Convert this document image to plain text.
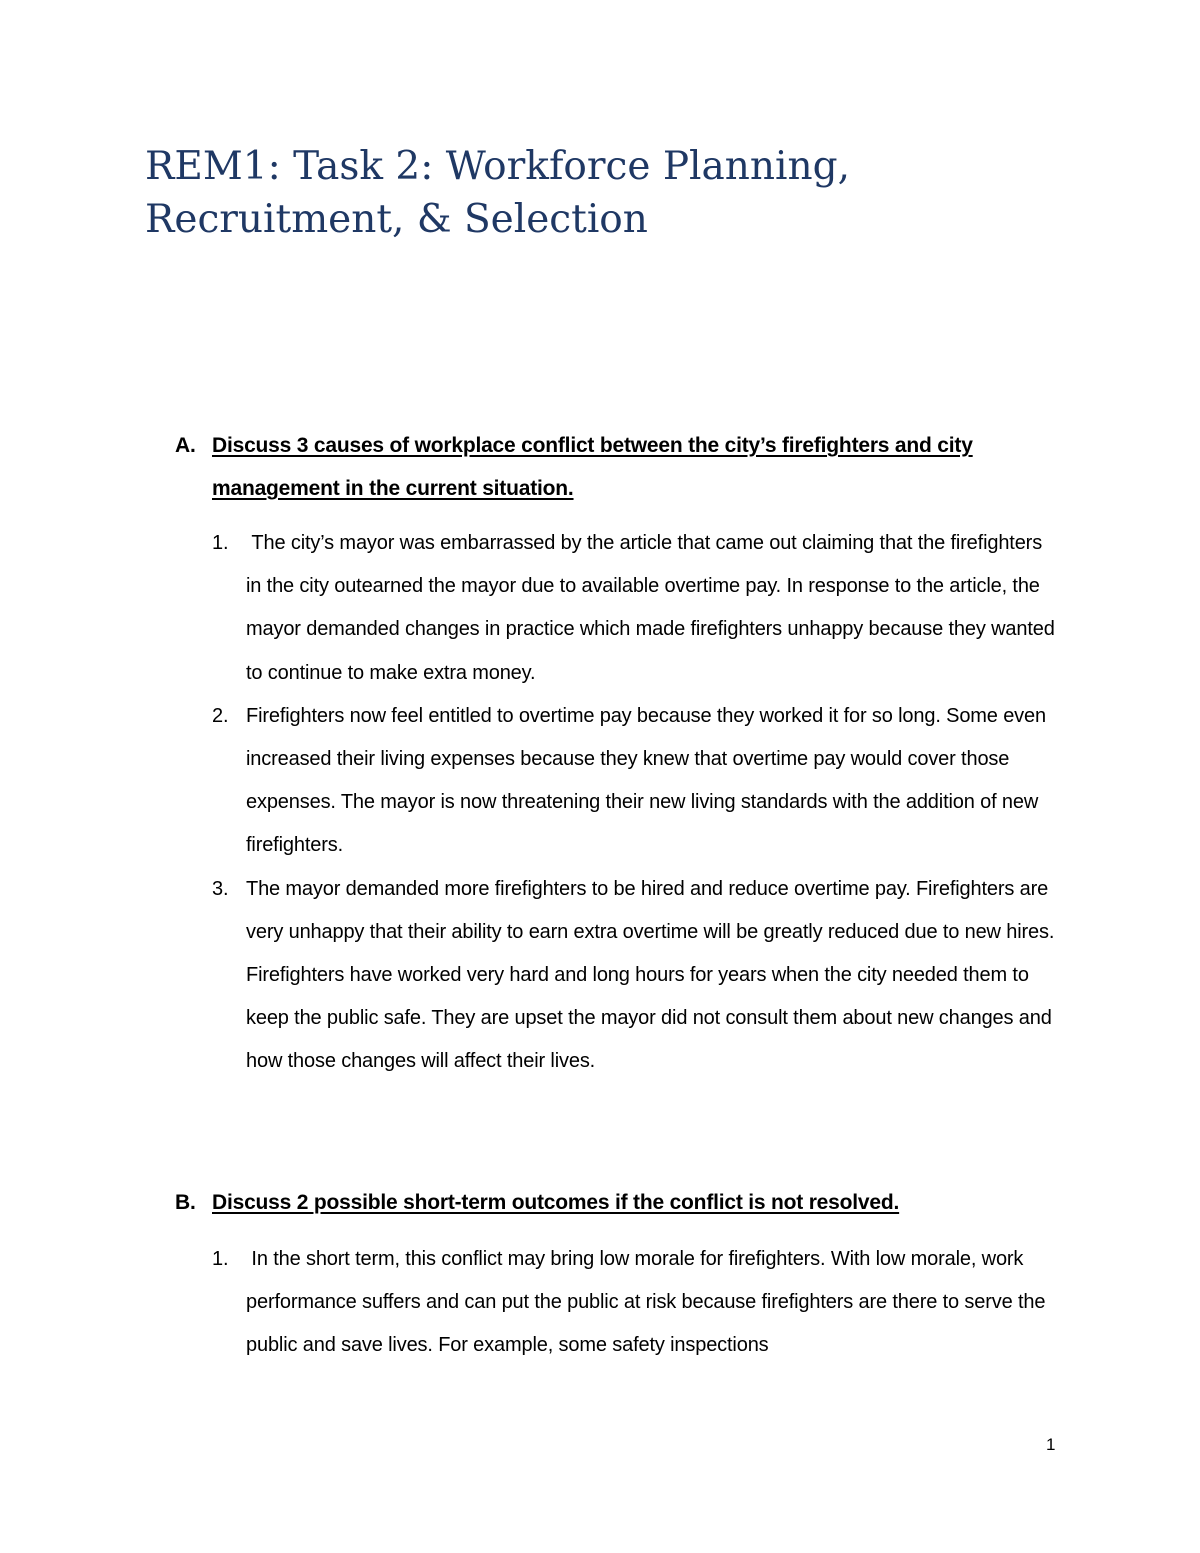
REM1: Task 2: Workforce Planning, Recruitment, & Selection
A. Discuss 3 causes of workplace conflict between the city’s firefighters and city management in the current situation.
1. The city’s mayor was embarrassed by the article that came out claiming that the firefighters in the city outearned the mayor due to available overtime pay. In response to the article, the mayor demanded changes in practice which made firefighters unhappy because they wanted to continue to make extra money.
2. Firefighters now feel entitled to overtime pay because they worked it for so long. Some even increased their living expenses because they knew that overtime pay would cover those expenses. The mayor is now threatening their new living standards with the addition of new firefighters.
3. The mayor demanded more firefighters to be hired and reduce overtime pay. Firefighters are very unhappy that their ability to earn extra overtime will be greatly reduced due to new hires. Firefighters have worked very hard and long hours for years when the city needed them to keep the public safe. They are upset the mayor did not consult them about new changes and how those changes will affect their lives.
B. Discuss 2 possible short-term outcomes if the conflict is not resolved.
1. In the short term, this conflict may bring low morale for firefighters. With low morale, work performance suffers and can put the public at risk because firefighters are there to serve the public and save lives. For example, some safety inspections
1
